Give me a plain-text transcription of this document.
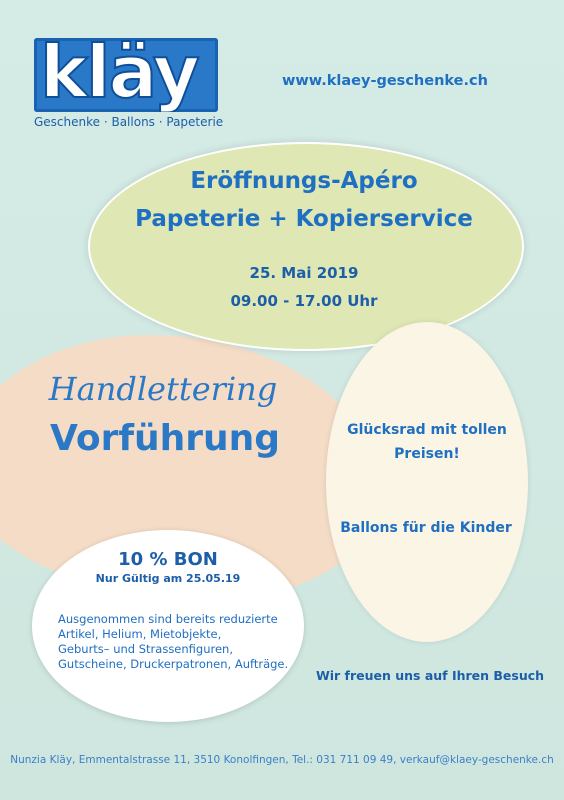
kläy
Geschenke · Ballons · Papeterie
www.klaey-geschenke.ch
Eröffnungs-Apéro
Papeterie + Kopierservice
25. Mai 2019
09.00 - 17.00 Uhr
Handlettering
Vorführung	Glücksrad mit tollen
Preisen!
Ballons für die Kinder
10 % BON
Nur Gültig am 25.05.19
Ausgenommen sind bereits reduzierte
Artikel, Helium, Mietobjekte,
Geburts– und Strassenfiguren,
Gutscheine, Druckerpatronen, Aufträge.
Wir freuen uns auf Ihren Besuch
Nunzia Kläy, Emmentalstrasse 11, 3510 Konolfingen, Tel.: 031 711 09 49, verkauf@klaey-geschenke.ch
